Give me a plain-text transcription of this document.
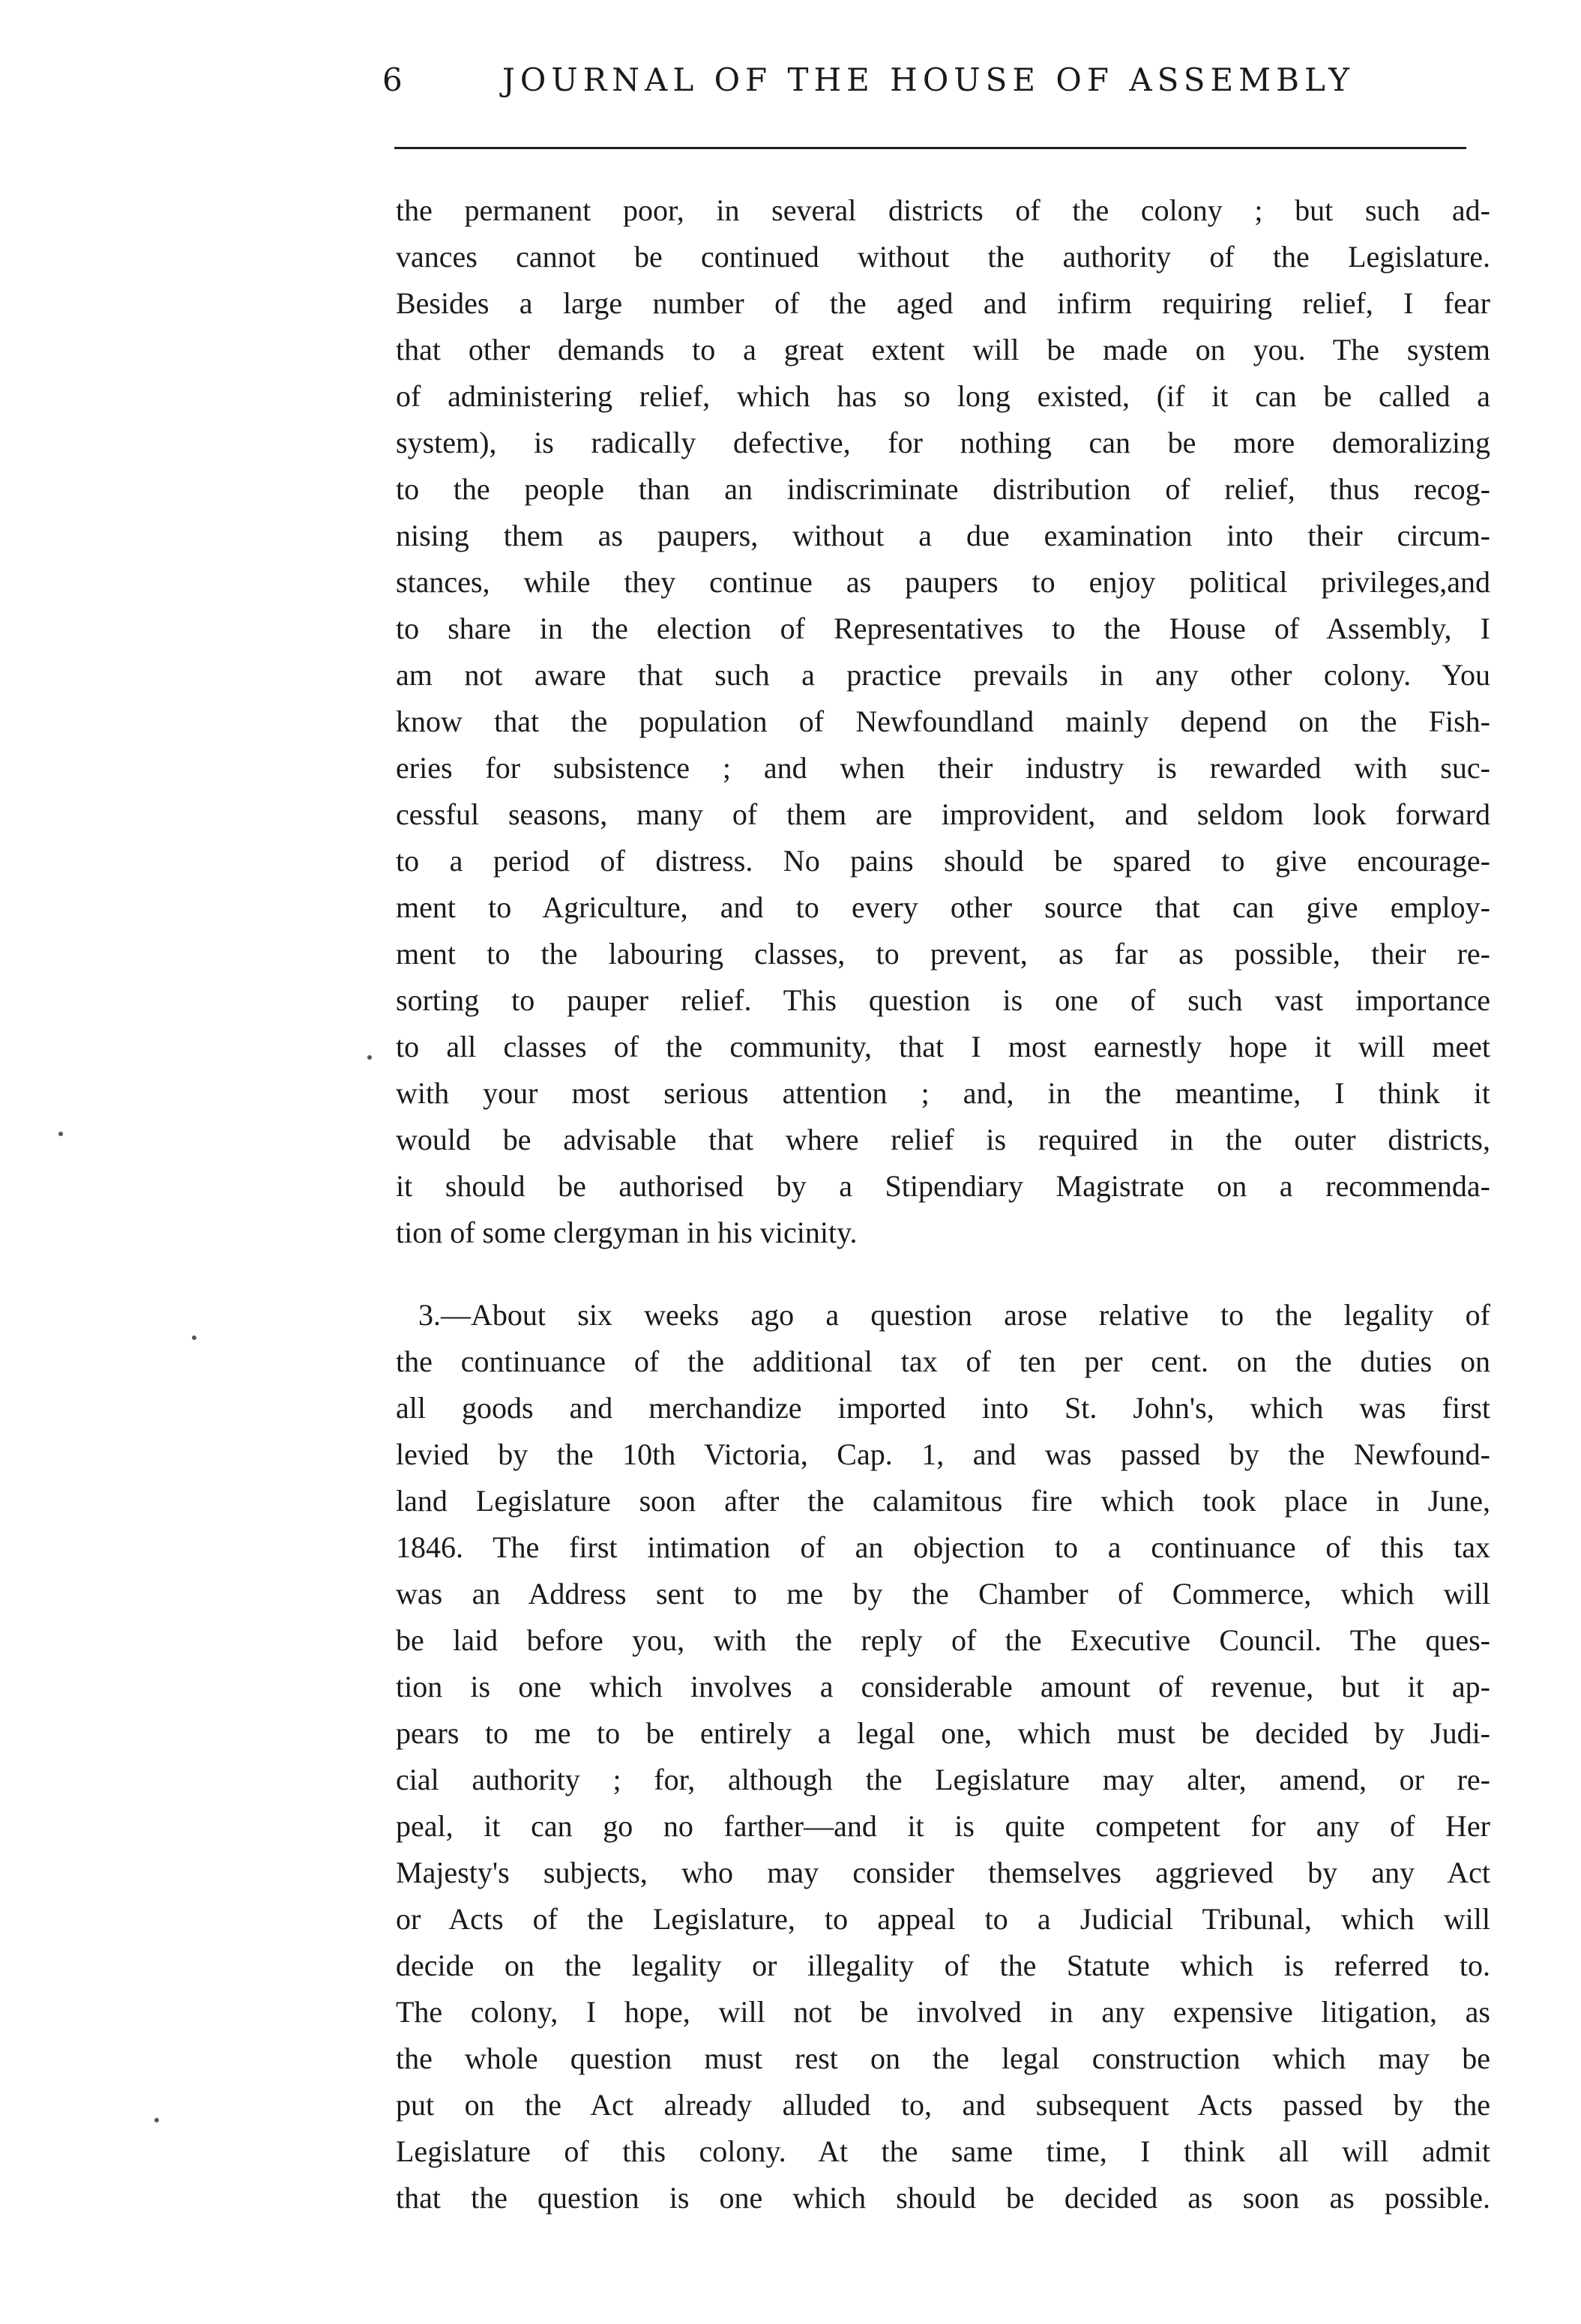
6	JOURNAL OF THE HOUSE OF ASSEMBLY
the permanent poor, in several districts of the colony ; but such ad-
vances cannot be continued without the authority of the Legislature.
Besides a large number of the aged and infirm requiring relief, I fear
that other demands to a great extent will be made on you. The system
of administering relief, which has so long existed, (if it can be called a
system), is radically defective, for nothing can be more demoralizing
to the people than an indiscriminate distribution of relief, thus recog-
nising them as paupers, without a due examination into their circum-
stances, while they continue as paupers to enjoy political privileges,and
to share in the election of Representatives to the House of Assembly, I
am not aware that such a practice prevails in any other colony. You
know that the population of Newfoundland mainly depend on the Fish-
eries for subsistence ; and when their industry is rewarded with suc-
cessful seasons, many of them are improvident, and seldom look forward
to a period of distress. No pains should be spared to give encourage-
ment to Agriculture, and to every other source that can give employ-
ment to the labouring classes, to prevent, as far as possible, their re-
sorting to pauper relief. This question is one of such vast importance
to all classes of the community, that I most earnestly hope it will meet
with your most serious attention ; and, in the meantime, I think it
would be advisable that where relief is required in the outer districts,
it should be authorised by a Stipendiary Magistrate on a recommenda-
tion of some clergyman in his vicinity.
3.—About six weeks ago a question arose relative to the legality of
the continuance of the additional tax of ten per cent. on the duties on
all goods and merchandize imported into St. John's, which was first
levied by the 10th Victoria, Cap. 1, and was passed by the Newfound-
land Legislature soon after the calamitous fire which took place in June,
1846. The first intimation of an objection to a continuance of this tax
was an Address sent to me by the Chamber of Commerce, which will
be laid before you, with the reply of the Executive Council. The ques-
tion is one which involves a considerable amount of revenue, but it ap-
pears to me to be entirely a legal one, which must be decided by Judi-
cial authority ; for, although the Legislature may alter, amend, or re-
peal, it can go no farther—and it is quite competent for any of Her
Majesty's subjects, who may consider themselves aggrieved by any Act
or Acts of the Legislature, to appeal to a Judicial Tribunal, which will
decide on the legality or illegality of the Statute which is referred to.
The colony, I hope, will not be involved in any expensive litigation, as
the whole question must rest on the legal construction which may be
put on the Act already alluded to, and subsequent Acts passed by the
Legislature of this colony. At the same time, I think all will admit
that the question is one which should be decided as soon as possible.
